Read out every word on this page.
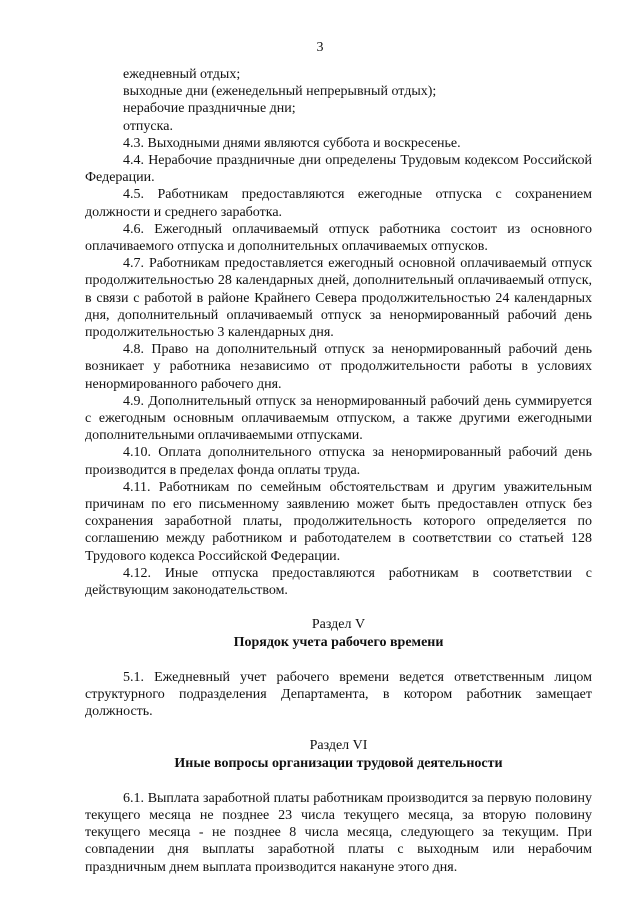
3

ежедневный отдых;

выходные дни (еженедельный непрерывный отдых);

нерабочие праздничные дни;

отпуска.

4.3. Выходными днями являются суббота и воскресенье.

4.4. Нерабочие праздничные дни определены Трудовым кодексом Российской Федерации.

4.5. Работникам предоставляются ежегодные отпуска с сохранением должности и среднего заработка.

4.6. Ежегодный оплачиваемый отпуск работника состоит из основного оплачиваемого отпуска и дополнительных оплачиваемых отпусков.

4.7. Работникам предоставляется ежегодный основной оплачиваемый отпуск продолжительностью 28 календарных дней, дополнительный оплачиваемый отпуск, в связи с работой в районе Крайнего Севера продолжительностью 24 календарных дня, дополнительный оплачиваемый отпуск за ненормированный рабочий день продолжительностью 3 календарных дня.

4.8. Право на дополнительный отпуск за ненормированный рабочий день возникает у работника независимо от продолжительности работы в условиях ненормированного рабочего дня.

4.9. Дополнительный отпуск за ненормированный рабочий день суммируется с ежегодным основным оплачиваемым отпуском, а также другими ежегодными дополнительными оплачиваемыми отпусками.

4.10. Оплата дополнительного отпуска за ненормированный рабочий день производится в пределах фонда оплаты труда.

4.11. Работникам по семейным обстоятельствам и другим уважительным причинам по его письменному заявлению может быть предоставлен отпуск без сохранения заработной платы, продолжительность которого определяется по соглашению между работником и работодателем в соответствии со статьей 128 Трудового кодекса Российской Федерации.

4.12. Иные отпуска предоставляются работникам в соответствии с действующим законодательством.

Раздел V

Порядок учета рабочего времени

5.1. Ежедневный учет рабочего времени ведется ответственным лицом структурного подразделения Департамента, в котором работник замещает должность.

Раздел VI

Иные вопросы организации трудовой деятельности

6.1. Выплата заработной платы работникам производится за первую половину текущего месяца не позднее 23 числа текущего месяца, за вторую половину текущего месяца - не позднее 8 числа месяца, следующего за текущим. При совпадении дня выплаты заработной платы с выходным или нерабочим праздничным днем выплата производится накануне этого дня.
